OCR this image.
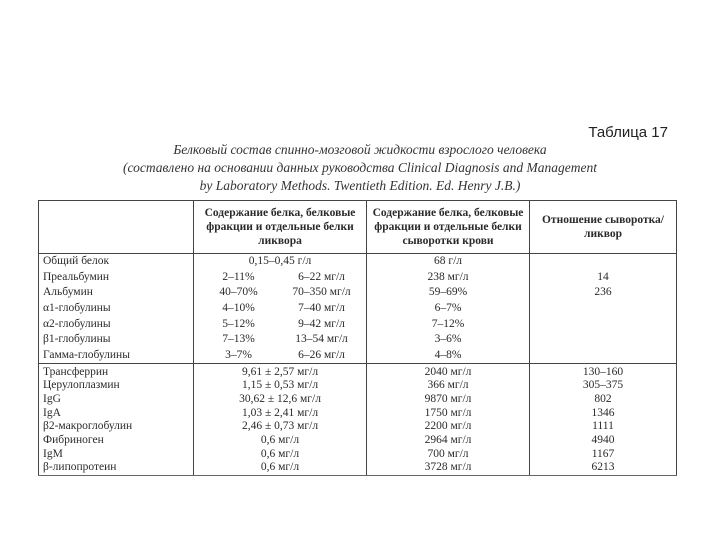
Таблица 17
Белковый состав спинно-мозговой жидкости взрослого человека
(составлено на основании данных руководства Clinical Diagnosis and Management
by Laboratory Methods. Twentieth Edition. Ed. Henry J.B.)
	Содержание белка, белковые фракции и отдельные белки ликвора	Содержание белка, белковые фракции и отдельные белки сыворотки крови	Отношение сыворотка/ликвор
Общий белок	0,15–0,45 г/л	68 г/л	
Преальбумин	2–11% 6–22 мг/л	238 мг/л	14
Альбумин	40–70% 70–350 мг/л	59–69%	236
α1-глобулины	4–10% 7–40 мг/л	6–7%	
α2-глобулины	5–12% 9–42 мг/л	7–12%	
β1-глобулины	7–13% 13–54 мг/л	3–6%	
Гамма-глобулины	3–7% 6–26 мг/л	4–8%	
Трансферрин	9,61 ± 2,57 мг/л	2040 мг/л	130–160
Церулоплазмин	1,15 ± 0,53 мг/л	366 мг/л	305–375
IgG	30,62 ± 12,6 мг/л	9870 мг/л	802
IgA	1,03 ± 2,41 мг/л	1750 мг/л	1346
β2-макроглобулин	2,46 ± 0,73 мг/л	2200 мг/л	1111
Фибриноген	0,6 мг/л	2964 мг/л	4940
IgM	0,6 мг/л	700 мг/л	1167
β-липопротеин	0,6 мг/л	3728 мг/л	6213
